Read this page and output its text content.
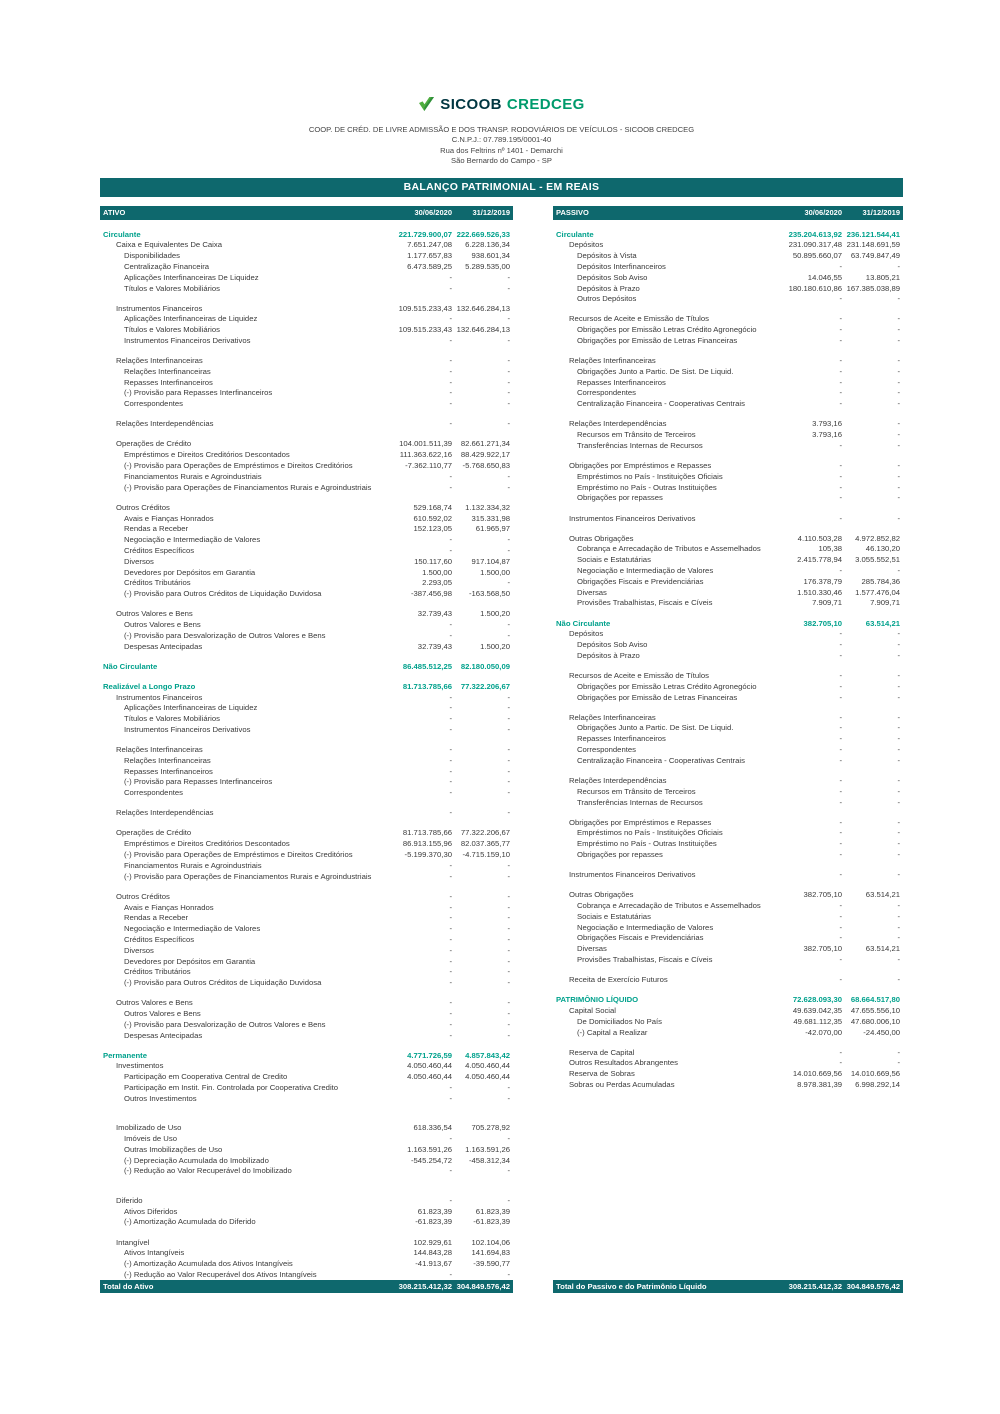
SICOOB CREDCEG
COOP. DE CRÉD. DE LIVRE ADMISSÃO E DOS TRANSP. RODOVIÁRIOS DE VEÍCULOS - SICOOB CREDCEG
C.N.P.J.: 07.789.195/0001-40
Rua dos Feltrins nº 1401 - Demarchi
São Bernardo do Campo - SP
BALANÇO PATRIMONIAL - EM REAIS
ATIVO	30/06/2020	31/12/2019
Circulante	221.729.900,07 222.669.526,33
Caixa e Equivalentes De Caixa	7.651.247,08	6.228.136,34
Disponibilidades	1.177.657,83	938.601,34
Centralização Financeira	6.473.589,25	5.289.535,00
Aplicações Interfinanceiras De Liquidez	-	-
Títulos e Valores Mobiliários	-	-
Instrumentos Financeiros	109.515.233,43 132.646.284,13
Aplicações Interfinanceiras de Liquidez	-	-
Títulos e Valores Mobiliários	109.515.233,43 132.646.284,13
Instrumentos Financeiros Derivativos	-	-
Relações Interfinanceiras	-	-
Relações Interfinanceiras	-	-
Repasses Interfinanceiros	-	-
(-) Provisão para Repasses Interfinanceiros	-	-
Correspondentes	-	-
Relações Interdependências	-	-
Operações de Crédito	104.001.511,39	82.661.271,34
Empréstimos e Direitos Creditórios Descontados	111.363.622,16	88.429.922,17
(-) Provisão para Operações de Empréstimos e Direitos Creditórios	-7.362.110,77	-5.768.650,83
Financiamentos Rurais e Agroindustriais	-	-
(-) Provisão para Operações de Financiamentos Rurais e Agroindustriais	-	-
Outros Créditos	529.168,74	1.132.334,32
Avais e Fianças Honrados	610.592,02	315.331,98
Rendas a Receber	152.123,05	61.965,97
Negociação e Intermediação de Valores	-	-
Créditos Específicos	-	-
Diversos	150.117,60	917.104,87
Devedores por Depósitos em Garantia	1.500,00	1.500,00
Créditos Tributários	2.293,05	-
(-) Provisão para Outros Créditos de Liquidação Duvidosa	-387.456,98	-163.568,50
Outros Valores e Bens	32.739,43	1.500,20
Outros Valores e Bens	-	-
(-) Provisão para Desvalorização de Outros Valores e Bens	-	-
Despesas Antecipadas	32.739,43	1.500,20
Não Circulante	86.485.512,25	82.180.050,09
Realizável a Longo Prazo	81.713.785,66	77.322.206,67
Instrumentos Financeiros	-	-
Aplicações Interfinanceiras de Liquidez	-	-
Títulos e Valores Mobiliários	-	-
Instrumentos Financeiros Derivativos	-	-
Relações Interfinanceiras	-	-
Relações Interfinanceiras	-	-
Repasses Interfinanceiros	-	-
(-) Provisão para Repasses Interfinanceiros	-	-
Correspondentes	-	-
Relações Interdependências	-	-
Operações de Crédito	81.713.785,66	77.322.206,67
Empréstimos e Direitos Creditórios Descontados	86.913.155,96	82.037.365,77
(-) Provisão para Operações de Empréstimos e Direitos Creditórios	-5.199.370,30	-4.715.159,10
Financiamentos Rurais e Agroindustriais	-	-
(-) Provisão para Operações de Financiamentos Rurais e Agroindustriais	-	-
Outros Créditos	-	-
Avais e Fianças Honrados	-	-
Rendas a Receber	-	-
Negociação e Intermediação de Valores	-	-
Créditos Específicos	-	-
Diversos	-	-
Devedores por Depósitos em Garantia	-	-
Créditos Tributários	-	-
(-) Provisão para Outros Créditos de Liquidação Duvidosa	-	-
Outros Valores e Bens	-	-
Outros Valores e Bens	-	-
(-) Provisão para Desvalorização de Outros Valores e Bens	-	-
Despesas Antecipadas	-	-
Permanente	4.771.726,59	4.857.843,42
Investimentos	4.050.460,44	4.050.460,44
Participação em Cooperativa Central de Credito	4.050.460,44	4.050.460,44
Participação em Instit. Fin. Controlada por Cooperativa Credito	-	-
Outros Investimentos	-	-
Imobilizado de Uso	618.336,54	705.278,92
Imóveis de Uso	-	-
Outras Imobilizações de Uso	1.163.591,26	1.163.591,26
(-) Depreciação Acumulada do Imobilizado	-545.254,72	-458.312,34
(-) Redução ao Valor Recuperável do Imobilizado	-	-
Diferido	-	-
Ativos Diferidos	61.823,39	61.823,39
(-) Amortização Acumulada do Diferido	-61.823,39	-61.823,39
Intangível	102.929,61	102.104,06
Ativos Intangíveis	144.843,28	141.694,83
(-) Amortização Acumulada dos Ativos Intangíveis	-41.913,67	-39.590,77
(-) Redução ao Valor Recuperável dos Ativos Intangíveis	-	-
Total do Ativo	308.215.412,32 304.849.576,42
PASSIVO	30/06/2020	31/12/2019
Circulante	235.204.613,92 236.121.544,41
Depósitos	231.090.317,48 231.148.691,59
Depósitos à Vista	50.895.660,07	63.749.847,49
Depósitos Interfinanceiros	-	-
Depósitos Sob Aviso	14.046,55	13.805,21
Depósitos à Prazo	180.180.610,86 167.385.038,89
Outros Depósitos	-	-
Recursos de Aceite e Emissão de Títulos	-	-
Obrigações por Emissão Letras Crédito Agronegócio	-	-
Obrigações por Emissão de Letras Financeiras	-	-
Relações Interfinanceiras	-	-
Obrigações Junto a Partic. De Sist. De Liquid.	-	-
Repasses Interfinanceiros	-	-
Correspondentes	-	-
Centralização Financeira - Cooperativas Centrais	-	-
Relações Interdependências	3.793,16	-
Recursos em Trânsito de Terceiros	3.793,16	-
Transferências Internas de Recursos	-	-
Obrigações por Empréstimos e Repasses	-	-
Empréstimos no País - Instituições Oficiais	-	-
Empréstimo no País - Outras Instituições	-	-
Obrigações por repasses	-	-
Instrumentos Financeiros Derivativos	-	-
Outras Obrigações	4.110.503,28	4.972.852,82
Cobrança e Arrecadação de Tributos e Assemelhados	105,38	46.130,20
Sociais e Estatutárias	2.415.778,94	3.055.552,51
Negociação e Intermediação de Valores	-	-
Obrigações Fiscais e Previdenciárias	176.378,79	285.784,36
Diversas	1.510.330,46	1.577.476,04
Provisões Trabalhistas, Fiscais e Cíveis	7.909,71	7.909,71
Não Circulante	382.705,10	63.514,21
Depósitos	-	-
Depósitos Sob Aviso	-	-
Depósitos à Prazo	-	-
Recursos de Aceite e Emissão de Títulos	-	-
Obrigações por Emissão Letras Crédito Agronegócio	-	-
Obrigações por Emissão de Letras Financeiras	-	-
Relações Interfinanceiras	-	-
Obrigações Junto a Partic. De Sist. De Liquid.	-	-
Repasses Interfinanceiros	-	-
Correspondentes	-	-
Centralização Financeira - Cooperativas Centrais	-	-
Relações Interdependências	-	-
Recursos em Trânsito de Terceiros	-	-
Transferências Internas de Recursos	-	-
Obrigações por Empréstimos e Repasses	-	-
Empréstimos no País - Instituições Oficiais	-	-
Empréstimo no País - Outras Instituições	-	-
Obrigações por repasses	-	-
Instrumentos Financeiros Derivativos	-	-
Outras Obrigações	382.705,10	63.514,21
Cobrança e Arrecadação de Tributos e Assemelhados	-	-
Sociais e Estatutárias	-	-
Negociação e Intermediação de Valores	-	-
Obrigações Fiscais e Previdenciárias	-	-
Diversas	382.705,10	63.514,21
Provisões Trabalhistas, Fiscais e Cíveis	-	-
Receita de Exercício Futuros	-	-
PATRIMÔNIO LÍQUIDO	72.628.093,30	68.664.517,80
Capital Social	49.639.042,35	47.655.556,10
De Domiciliados No País	49.681.112,35	47.680.006,10
(-) Capital a Realizar	-42.070,00	-24.450,00
Reserva de Capital	-	-
Outros Resultados Abrangentes	-	-
Reserva de Sobras	14.010.669,56	14.010.669,56
Sobras ou Perdas Acumuladas	8.978.381,39	6.998.292,14
Total do Passivo e do Patrimônio Líquido	308.215.412,32 304.849.576,42
